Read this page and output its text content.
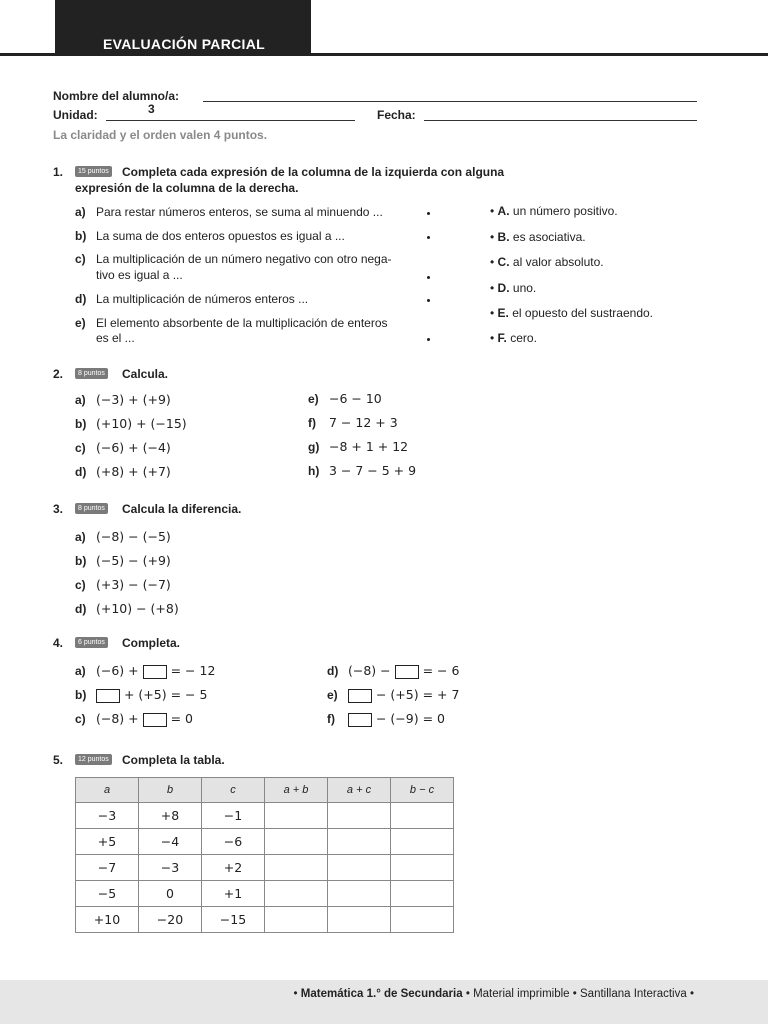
EVALUACIÓN PARCIAL
Nombre del alumno/a:
Unidad:	3	Fecha:
La claridad y el orden valen 4 puntos.
1.	15 puntos Completa cada expresión de la columna de la izquierda con alguna
expresión de la columna de la derecha.
a) Para restar números enteros, se suma al minuendo ...
b) La suma de dos enteros opuestos es igual a ...
c) La multiplicación de un número negativo con otro nega-
tivo es igual a ...
d) La multiplicación de números enteros ...
e) El elemento absorbente de la multiplicación de enteros
es el ...
• A. un número positivo.
• B. es asociativa.
• C. al valor absoluto.
• D. uno.
• E. el opuesto del sustraendo.
• F. cero.
2.	8 puntos Calcula.
a) (−3) + (+9)
b) (+10) + (−15)
c) (−6) + (−4)
d) (+8) + (+7)
e) −6 − 10
f) 7 − 12 + 3
g) −8 + 1 + 12
h) 3 − 7 − 5 + 9
3.	8 puntos Calcula la diferencia.
a) (−8) − (−5)
b) (−5) − (+9)
c) (+3) − (−7)
d) (+10) − (+8)
4.	6 puntos Completa.
a) (−6) +	= − 12
b)	+ (+5) = − 5
c) (−8) +	= 0
d) (−8) −	= − 6
e)	− (+5) = + 7
f)	− (−9) = 0
5.	12 puntos Completa la tabla.
a	b	c	a + b	a + c	b − c
−3	+8	−1			
+5	−4	−6			
−7	−3	+2			
−5	0	+1			
+10	−20	−15			
• Matemática 1.° de Secundaria • Material imprimible • Santillana Interactiva •
